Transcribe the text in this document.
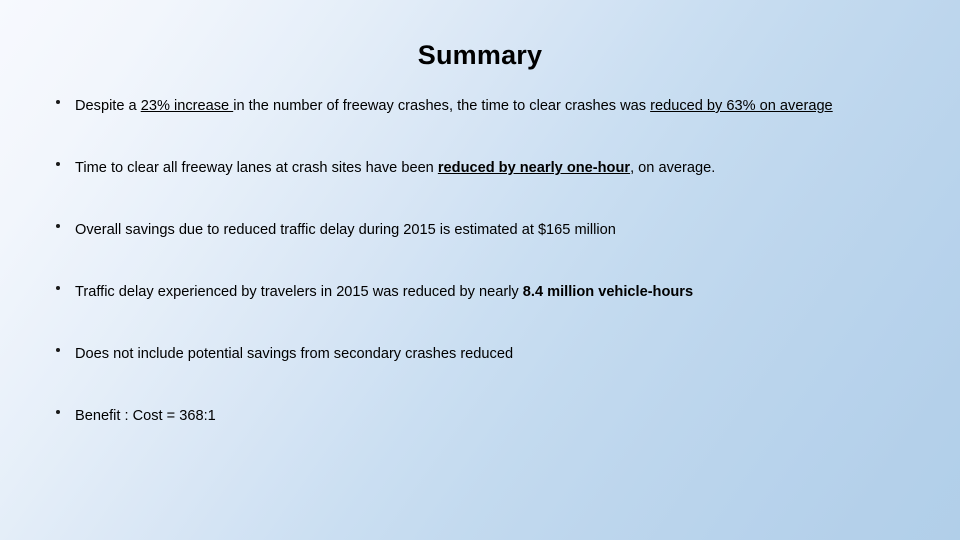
Summary
Despite a 23% increase in the number of freeway crashes, the time to clear crashes was reduced by 63% on average
Time to clear all freeway lanes at crash sites have been reduced by nearly one-hour, on average.
Overall savings due to reduced traffic delay during 2015 is estimated at $165 million
Traffic delay experienced by travelers in 2015 was reduced by nearly 8.4 million vehicle-hours
Does not include potential savings from secondary crashes reduced
Benefit : Cost = 368:1
